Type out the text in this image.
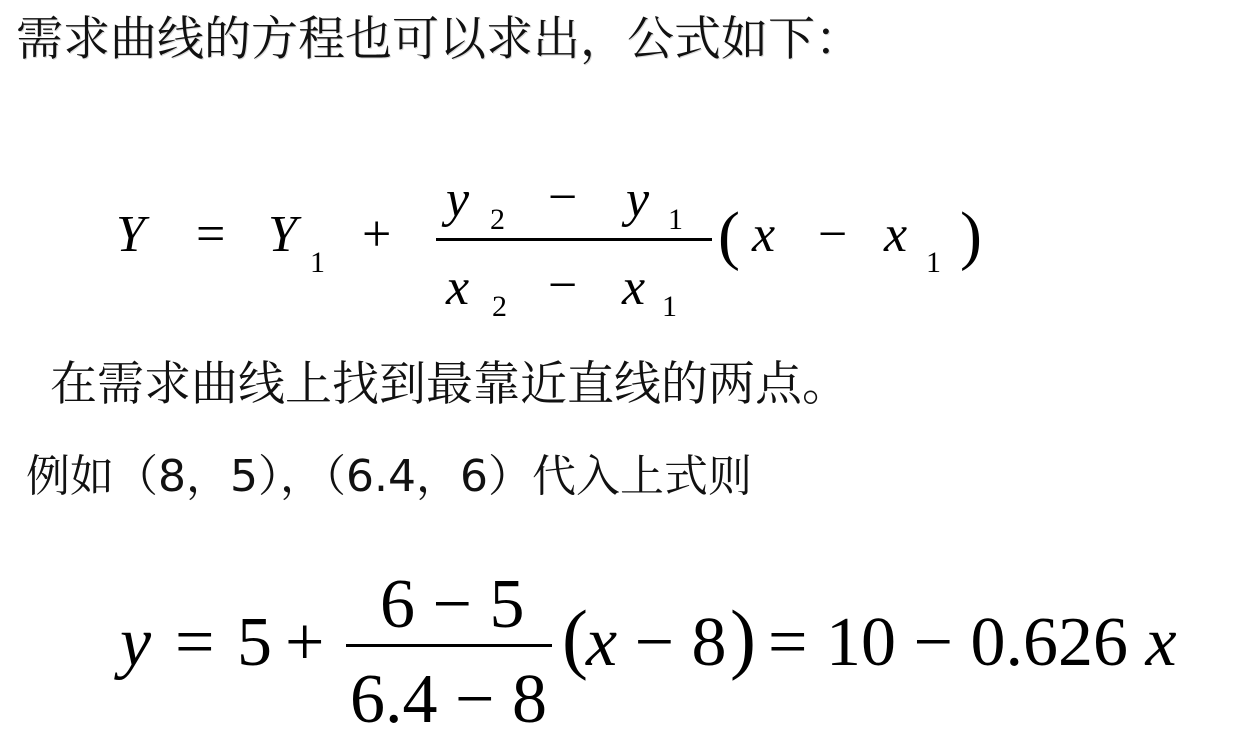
需求曲线的方程也可以求出，公式如下：
Y = Y 1 +
y 2 − y 1
x 2 − x 1
( x − x 1 )
在需求曲线上找到最靠近直线的两点。
例如（8，5），（6.4，6）代入上式则
y = 5 + 6 − 5
6.4 − 8
(
x − 8 ) = 10 − 0.626 x
